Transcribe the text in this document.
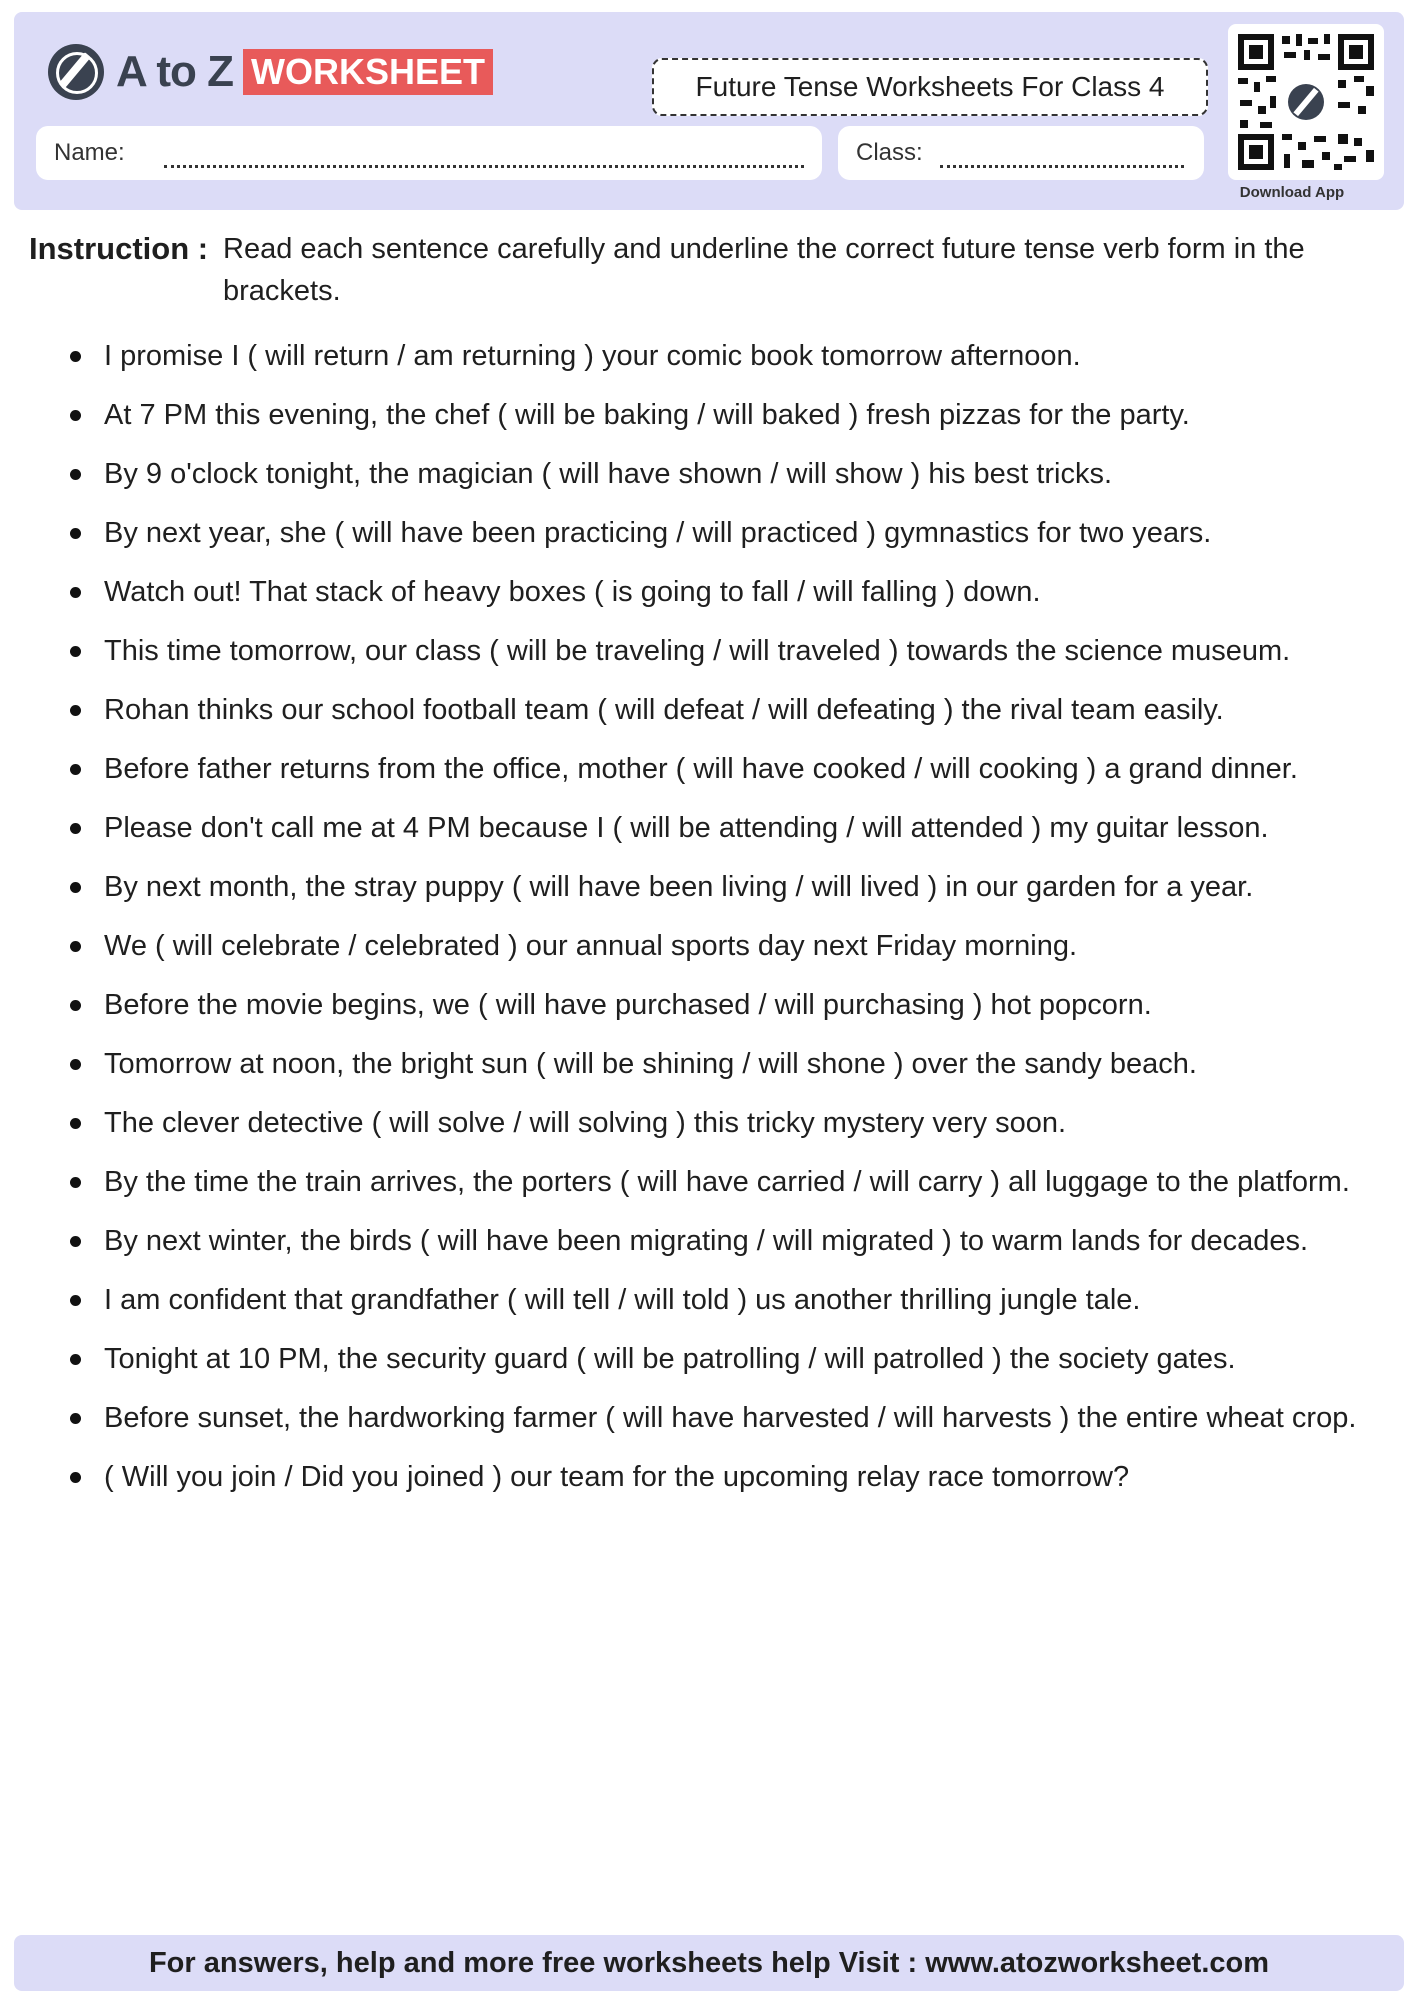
A to Z WORKSHEET	Future Tense Worksheets For Class 4
Name:	Class:
Download App
Instruction : Read each sentence carefully and underline the correct future tense verb form in the brackets.
I promise I ( will return / am returning ) your comic book tomorrow afternoon.
At 7 PM this evening, the chef ( will be baking / will baked ) fresh pizzas for the party.
By 9 o'clock tonight, the magician ( will have shown / will show ) his best tricks.
By next year, she ( will have been practicing / will practiced ) gymnastics for two years.
Watch out! That stack of heavy boxes ( is going to fall / will falling ) down.
This time tomorrow, our class ( will be traveling / will traveled ) towards the science museum.
Rohan thinks our school football team ( will defeat / will defeating ) the rival team easily.
Before father returns from the office, mother ( will have cooked / will cooking ) a grand dinner.
Please don't call me at 4 PM because I ( will be attending / will attended ) my guitar lesson.
By next month, the stray puppy ( will have been living / will lived ) in our garden for a year.
We ( will celebrate / celebrated ) our annual sports day next Friday morning.
Before the movie begins, we ( will have purchased / will purchasing ) hot popcorn.
Tomorrow at noon, the bright sun ( will be shining / will shone ) over the sandy beach.
The clever detective ( will solve / will solving ) this tricky mystery very soon.
By the time the train arrives, the porters ( will have carried / will carry ) all luggage to the platform.
By next winter, the birds ( will have been migrating / will migrated ) to warm lands for decades.
I am confident that grandfather ( will tell / will told ) us another thrilling jungle tale.
Tonight at 10 PM, the security guard ( will be patrolling / will patrolled ) the society gates.
Before sunset, the hardworking farmer ( will have harvested / will harvests ) the entire wheat crop.
( Will you join / Did you joined ) our team for the upcoming relay race tomorrow?
For answers, help and more free worksheets help Visit : www.atozworksheet.com
